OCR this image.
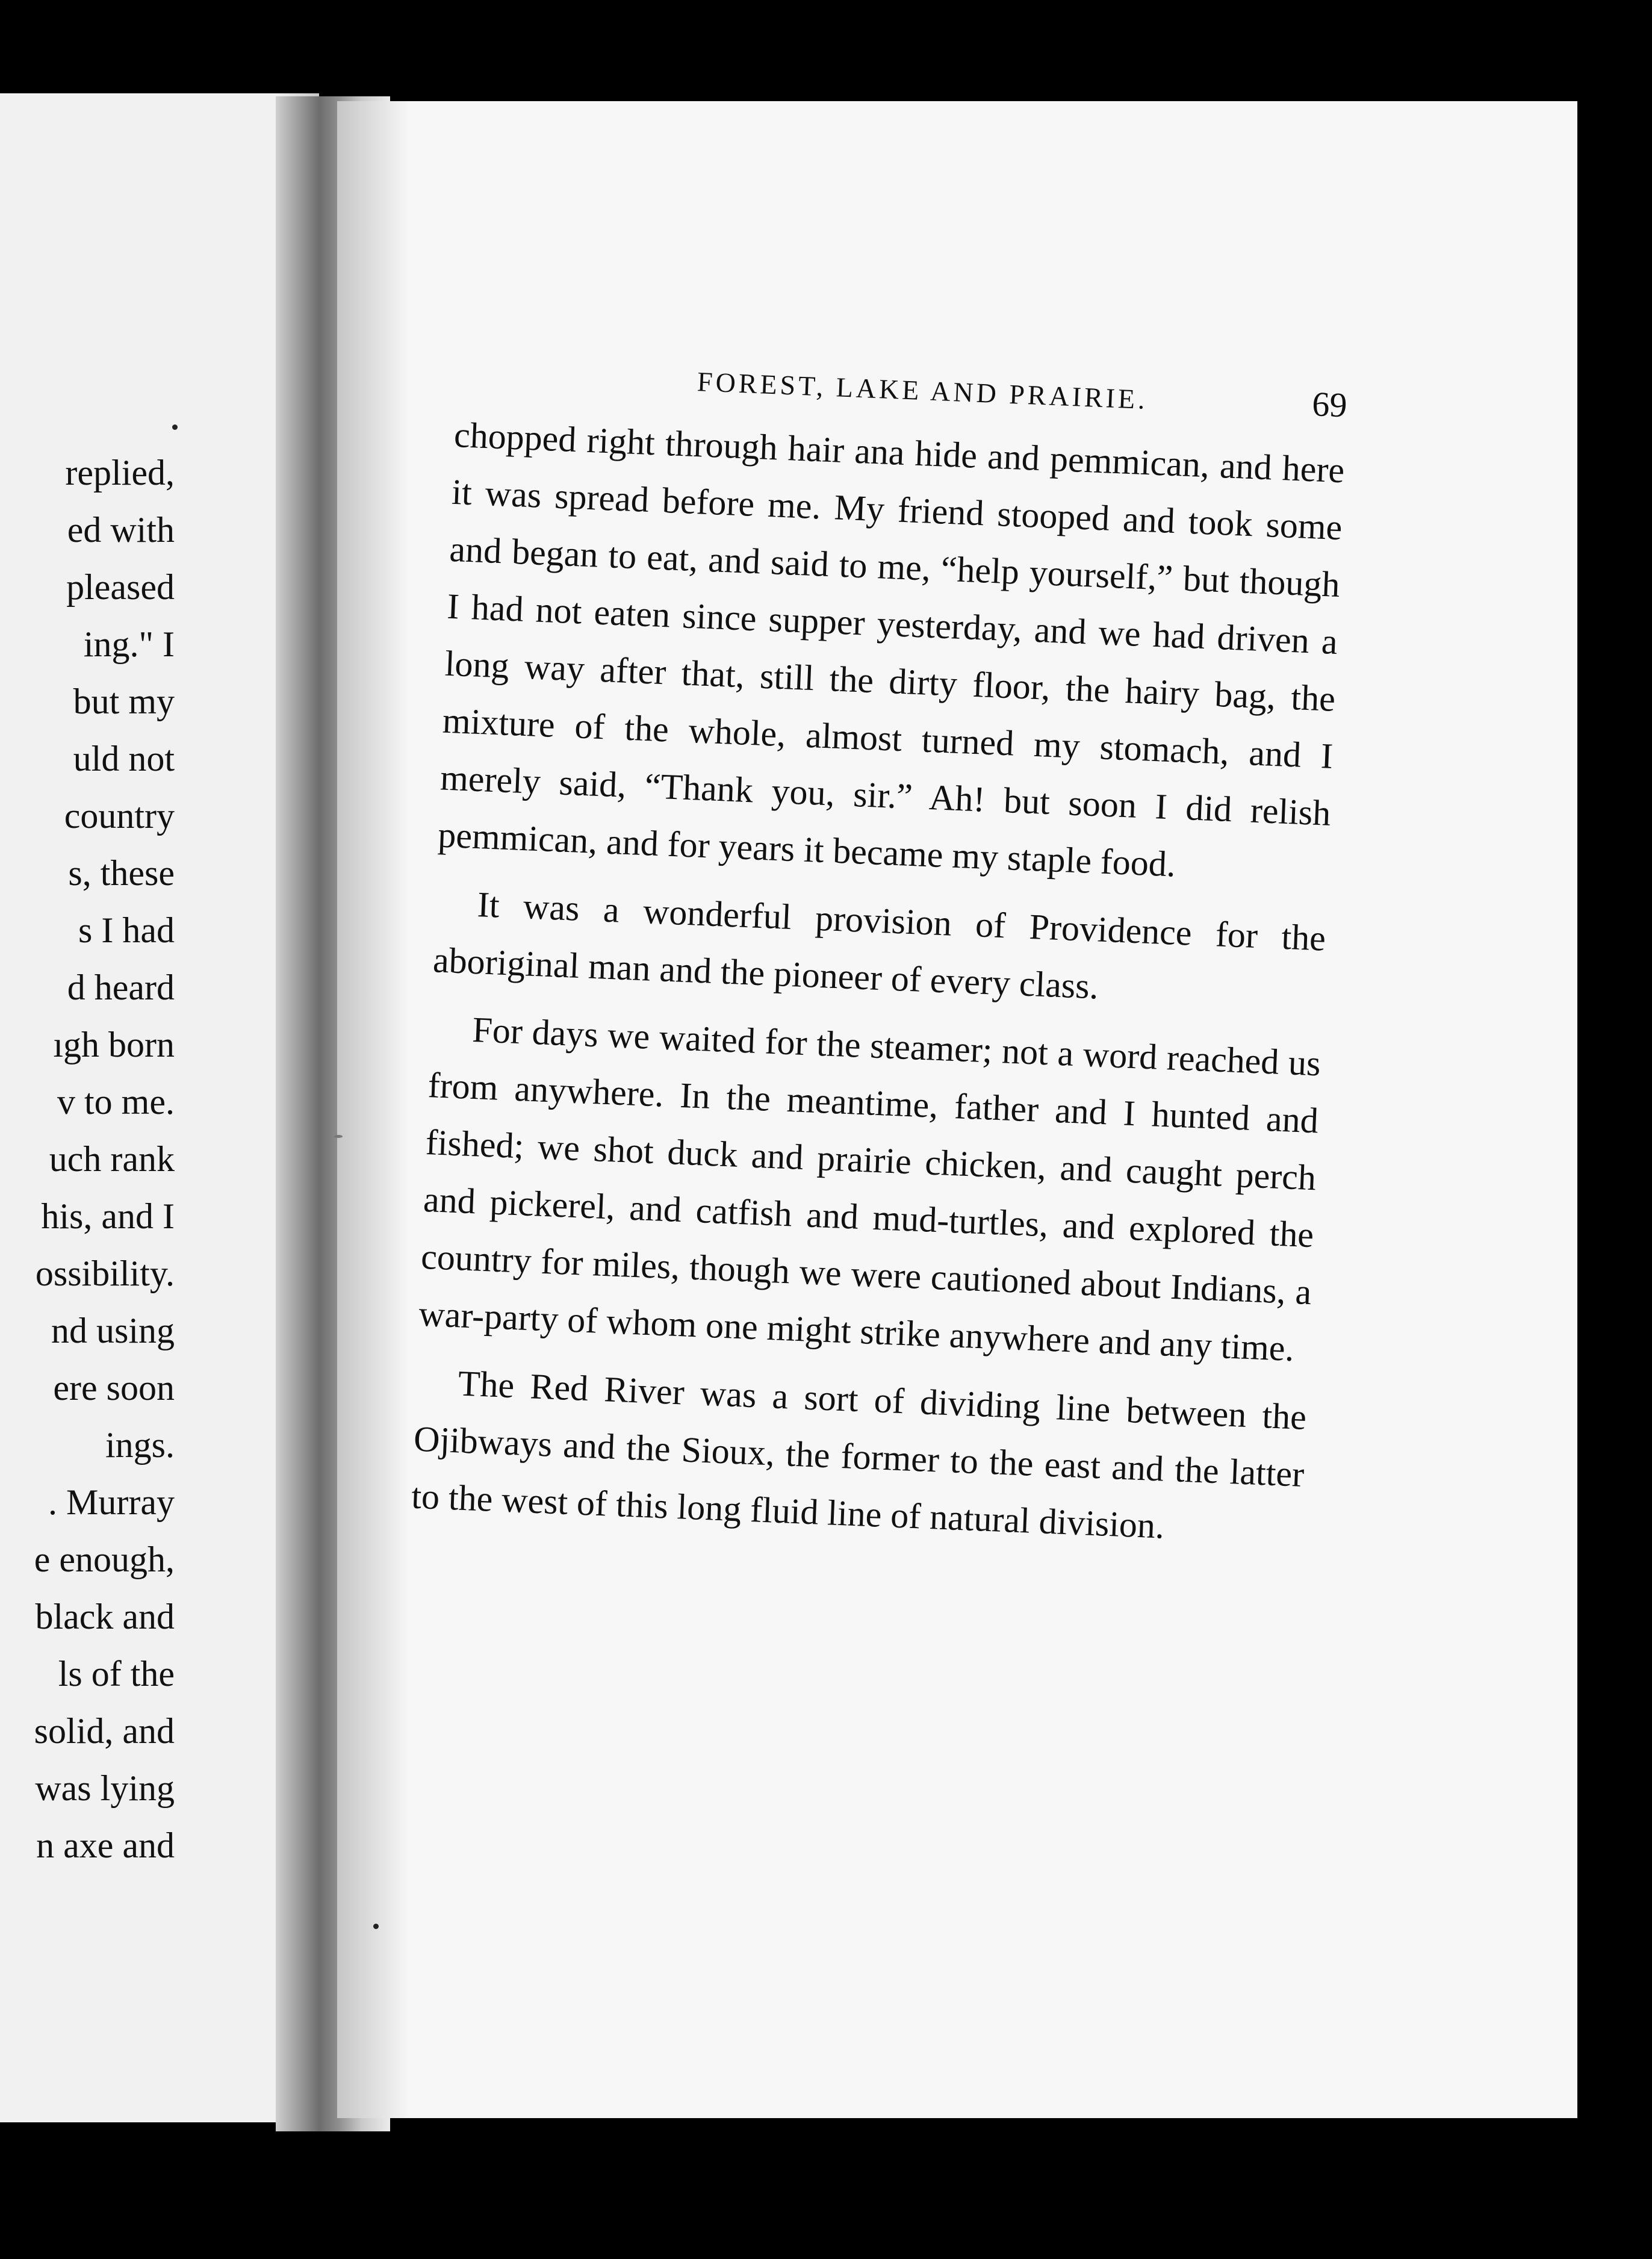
replied,
ed with
pleased
ing." I
but my
uld not
country
s, these
s I had
d heard
ıgh born
v to me.
uch rank
his, and I
ossibility.
nd using
ere soon
ings.
. Murray
e enough,
black and
ls of the
solid, and
was lying
n axe and
FOREST, LAKE AND PRAIRIE.	69

chopped right through hair ana hide and pemmican, and here it was spread before me. My friend stooped and took some and began to eat, and said to me, “help yourself,” but though I had not eaten since supper yesterday, and we had driven a long way after that, still the dirty floor, the hairy bag, the mixture of the whole, almost turned my stomach, and I merely said, “Thank you, sir.” Ah! but soon I did relish pemmican, and for years it became my staple food.

It was a wonderful provision of Providence for the aboriginal man and the pioneer of every class.

For days we waited for the steamer; not a word reached us from anywhere. In the meantime, father and I hunted and fished; we shot duck and prairie chicken, and caught perch and pickerel, and catfish and mud-turtles, and explored the country for miles, though we were cautioned about Indians, a war-party of whom one might strike anywhere and any time.

The Red River was a sort of dividing line between the Ojibways and the Sioux, the former to the east and the latter to the west of this long fluid line of natural division.
